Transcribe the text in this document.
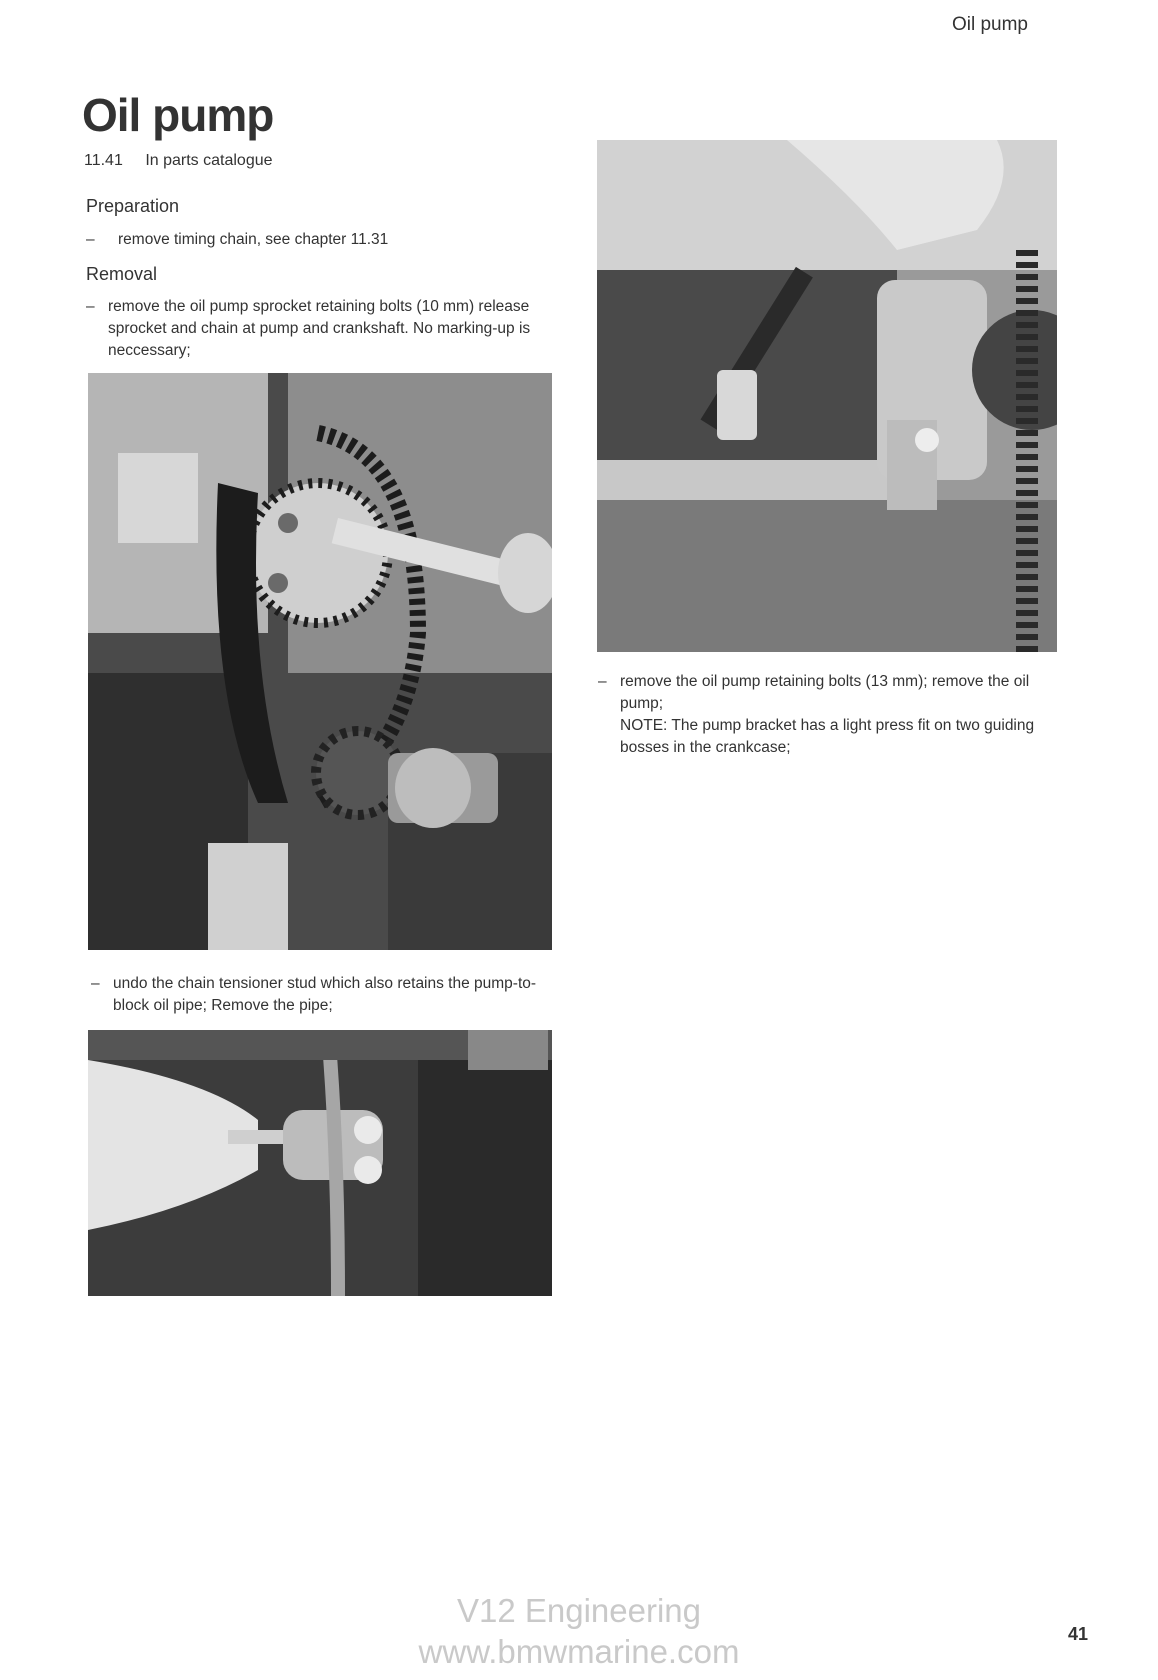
Oil pump
Oil pump
11.41 In parts catalogue
Preparation
–	remove timing chain, see chapter 11.31
Removal
– remove the oil pump sprocket retaining bolts (10 mm) release sprocket and chain at pump and crankshaft. No marking-up is neccessary;
– undo the chain tensioner stud which also retains the pump-to-block oil pipe; Remove the pipe;
– remove the oil pump retaining bolts (13 mm); remove the oil pump;
NOTE: The pump bracket has a light press fit on two guiding bosses in the crankcase;
V12 Engineering
www.bmwmarine.com	41
